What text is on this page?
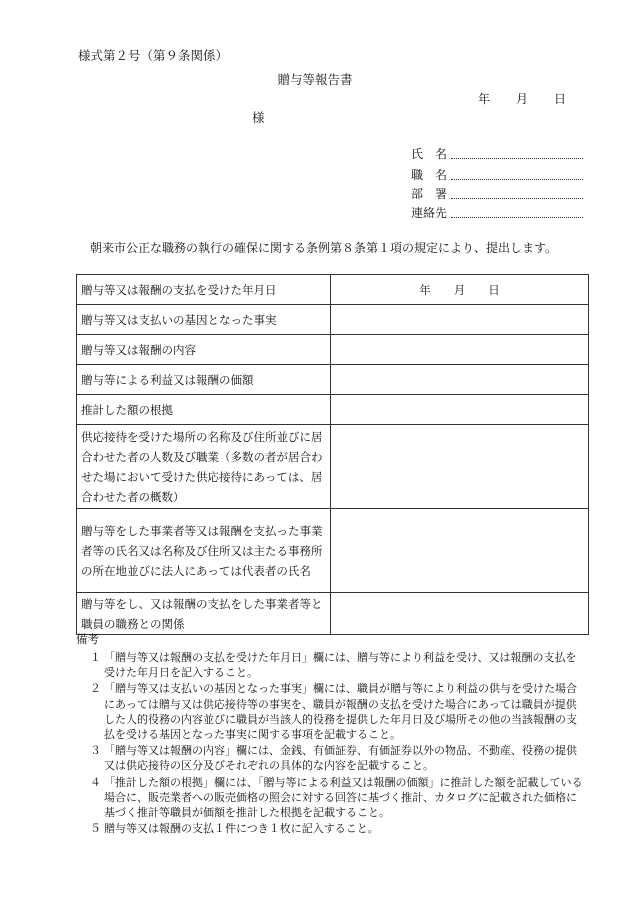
様式第２号（第９条関係）
贈与等報告書
年 月 日
様
氏　名
職　名
部　署
連絡先
朝来市公正な職務の執行の確保に関する条例第８条第１項の規定により、提出します。
贈与等又は報酬の支払を受けた年月日	年　　月　　日
贈与等又は支払いの基因となった事実	
贈与等又は報酬の内容	
贈与等による利益又は報酬の価額	
推計した額の根拠	
供応接待を受けた場所の名称及び住所並びに居合わせた者の人数及び職業（多数の者が居合わせた場において受けた供応接待にあっては、居合わせた者の概数）	
贈与等をした事業者等又は報酬を支払った事業者等の氏名又は名称及び住所又は主たる事務所の所在地並びに法人にあっては代表者の氏名	
贈与等をし、又は報酬の支払をした事業者等と職員の職務との関係	
備考
１ 「贈与等又は報酬の支払を受けた年月日」欄には、贈与等により利益を受け、又は報酬の支払を受けた年月日を記入すること。
２ 「贈与等又は支払いの基因となった事実」欄には、職員が贈与等により利益の供与を受けた場合にあっては贈与又は供応接待等の事実を、職員が報酬の支払を受けた場合にあっては職員が提供した人的役務の内容並びに職員が当該人的役務を提供した年月日及び場所その他の当該報酬の支払を受ける基因となった事実に関する事項を記載すること。
３ 「贈与等又は報酬の内容」欄には、金銭、有価証券、有価証券以外の物品、不動産、役務の提供又は供応接待の区分及びそれぞれの具体的な内容を記載すること。
４ 「推計した額の根拠」欄には、「贈与等による利益又は報酬の価額」に推計した額を記載している場合に、販売業者への販売価格の照会に対する回答に基づく推計、カタログに記載された価格に基づく推計等職員が価額を推計した根拠を記載すること。
５ 贈与等又は報酬の支払１件につき１枚に記入すること。
